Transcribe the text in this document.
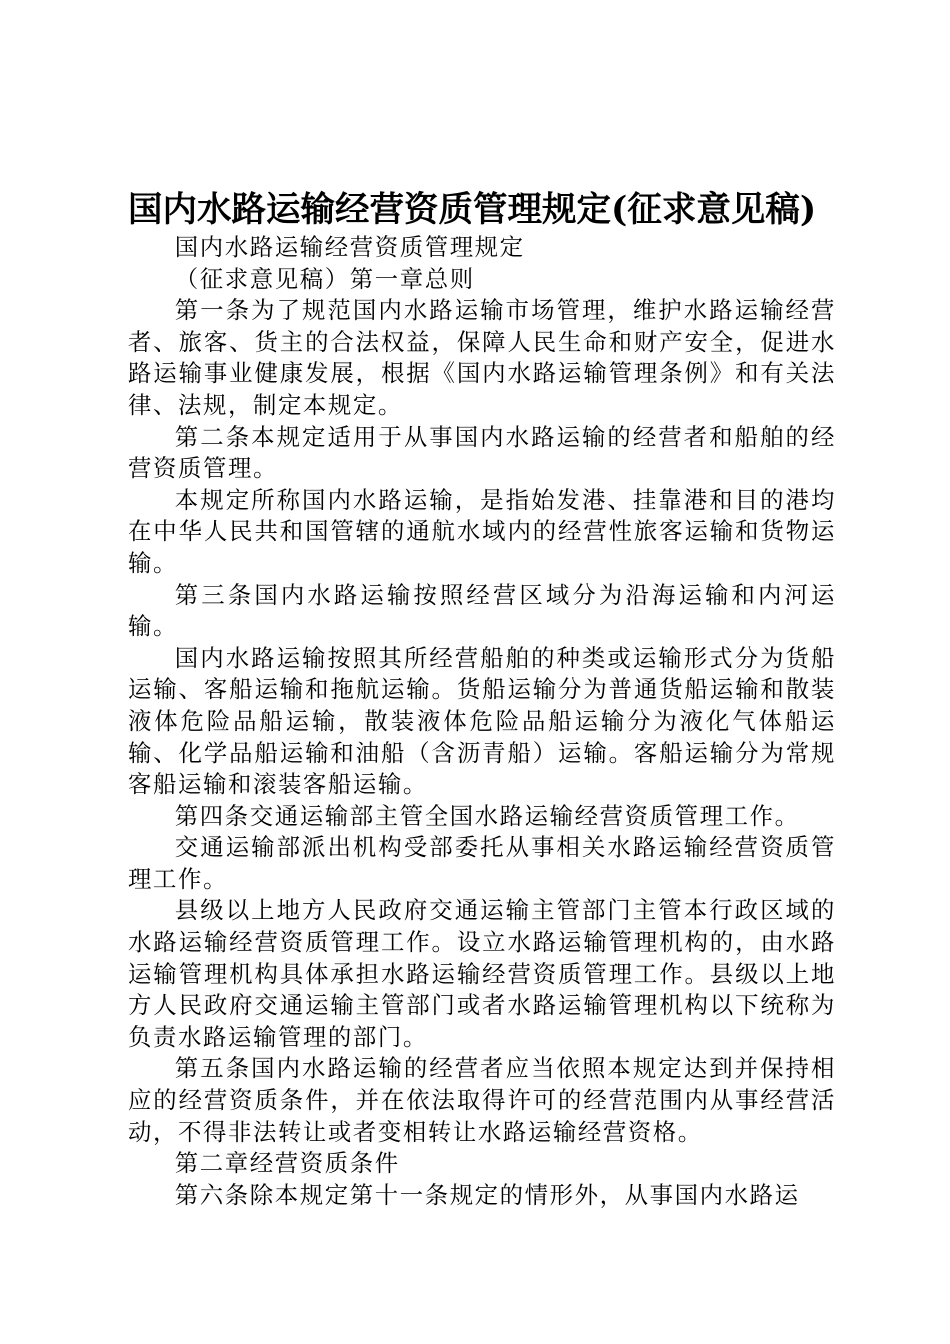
国内水路运输经营资质管理规定(征求意见稿)

国内水路运输经营资质管理规定

（征求意见稿）第一章总则

第一条为了规范国内水路运输市场管理，维护水路运输经营者、旅客、货主的合法权益，保障人民生命和财产安全，促进水路运输事业健康发展，根据《国内水路运输管理条例》和有关法律、法规，制定本规定。

第二条本规定适用于从事国内水路运输的经营者和船舶的经营资质管理。

本规定所称国内水路运输，是指始发港、挂靠港和目的港均在中华人民共和国管辖的通航水域内的经营性旅客运输和货物运输。

第三条国内水路运输按照经营区域分为沿海运输和内河运输。

国内水路运输按照其所经营船舶的种类或运输形式分为货船运输、客船运输和拖航运输。货船运输分为普通货船运输和散装液体危险品船运输，散装液体危险品船运输分为液化气体船运输、化学品船运输和油船（含沥青船）运输。客船运输分为常规客船运输和滚装客船运输。

第四条交通运输部主管全国水路运输经营资质管理工作。

交通运输部派出机构受部委托从事相关水路运输经营资质管理工作。

县级以上地方人民政府交通运输主管部门主管本行政区域的水路运输经营资质管理工作。设立水路运输管理机构的，由水路运输管理机构具体承担水路运输经营资质管理工作。县级以上地方人民政府交通运输主管部门或者水路运输管理机构以下统称为负责水路运输管理的部门。

第五条国内水路运输的经营者应当依照本规定达到并保持相应的经营资质条件，并在依法取得许可的经营范围内从事经营活动，不得非法转让或者变相转让水路运输经营资格。

第二章经营资质条件

第六条除本规定第十一条规定的情形外，从事国内水路运
